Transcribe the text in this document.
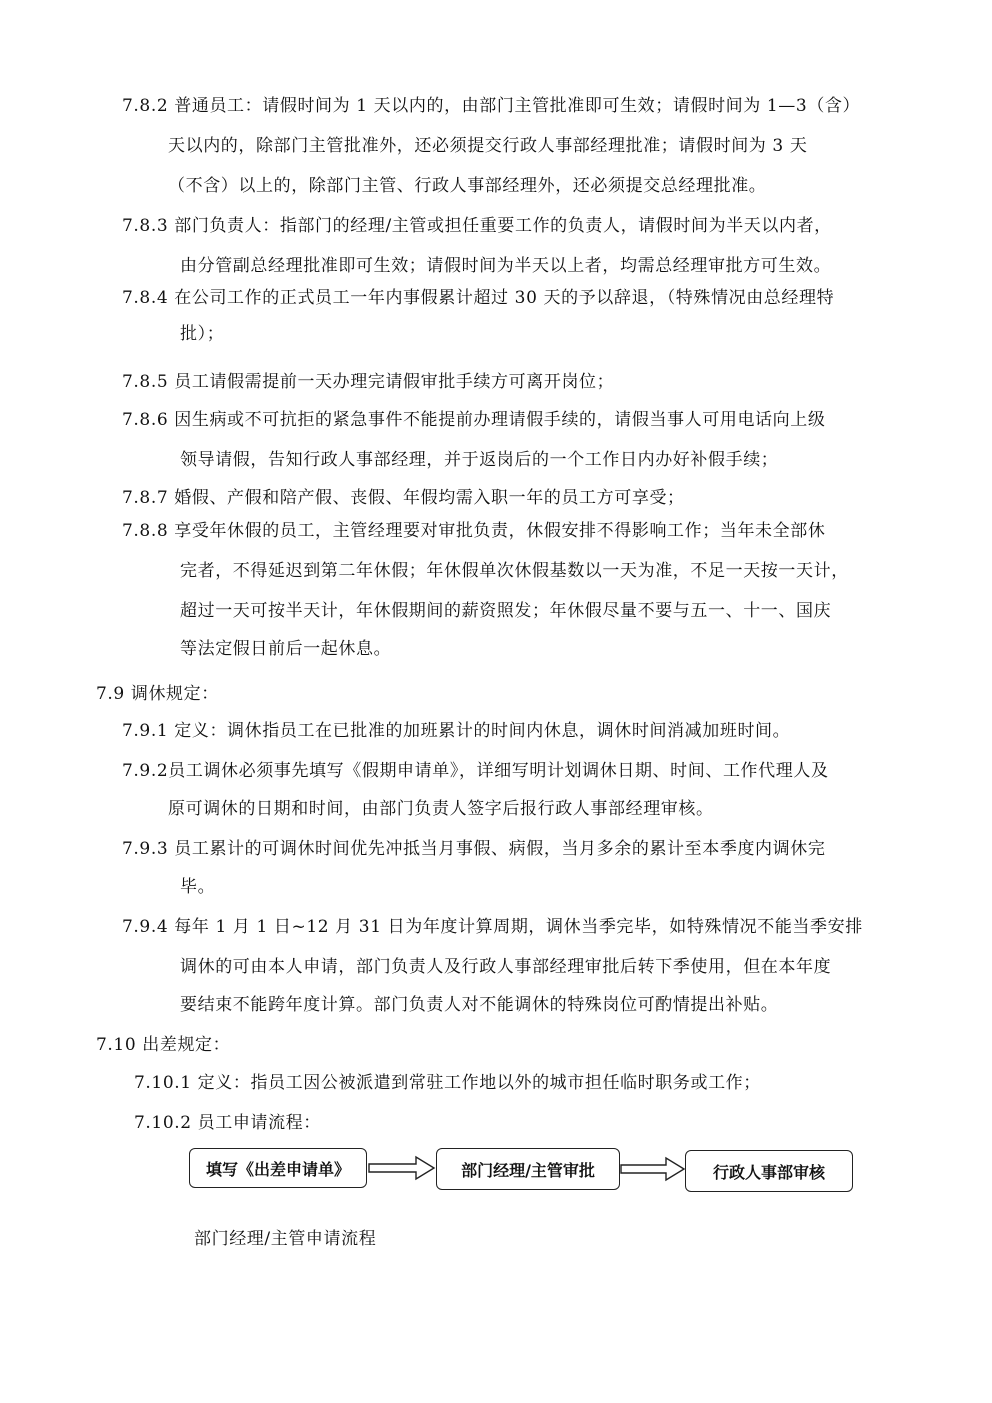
7.8.2 普通员工：请假时间为 1 天以内的，由部门主管批准即可生效；请假时间为 1—3（含）
天以内的，除部门主管批准外，还必须提交行政人事部经理批准；请假时间为 3 天
（不含）以上的，除部门主管、行政人事部经理外，还必须提交总经理批准。
7.8.3 部门负责人：指部门的经理/主管或担任重要工作的负责人，请假时间为半天以内者，
由分管副总经理批准即可生效；请假时间为半天以上者，均需总经理审批方可生效。
7.8.4 在公司工作的正式员工一年内事假累计超过 30 天的予以辞退，（特殊情况由总经理特
批）；
7.8.5 员工请假需提前一天办理完请假审批手续方可离开岗位；
7.8.6 因生病或不可抗拒的紧急事件不能提前办理请假手续的，请假当事人可用电话向上级
领导请假，告知行政人事部经理，并于返岗后的一个工作日内办好补假手续；
7.8.7 婚假、产假和陪产假、丧假、年假均需入职一年的员工方可享受；
7.8.8 享受年休假的员工，主管经理要对审批负责，休假安排不得影响工作；当年未全部休
完者，不得延迟到第二年休假；年休假单次休假基数以一天为准，不足一天按一天计，
超过一天可按半天计，年休假期间的薪资照发；年休假尽量不要与五一、十一、国庆
等法定假日前后一起休息。
7.9 调休规定：
7.9.1 定义：调休指员工在已批准的加班累计的时间内休息，调休时间消减加班时间。
7.9.2员工调休必须事先填写《假期申请单》，详细写明计划调休日期、时间、工作代理人及
原可调休的日期和时间，由部门负责人签字后报行政人事部经理审核。
7.9.3 员工累计的可调休时间优先冲抵当月事假、病假，当月多余的累计至本季度内调休完
毕。
7.9.4 每年 1 月 1 日~12 月 31 日为年度计算周期，调休当季完毕，如特殊情况不能当季安排
调休的可由本人申请，部门负责人及行政人事部经理审批后转下季使用，但在本年度
要结束不能跨年度计算。部门负责人对不能调休的特殊岗位可酌情提出补贴。
7.10 出差规定：
7.10.1 定义：指员工因公被派遣到常驻工作地以外的城市担任临时职务或工作；
7.10.2 员工申请流程：
填写《出差申请单》	部门经理/主管审批	行政人事部审核
部门经理/主管申请流程
